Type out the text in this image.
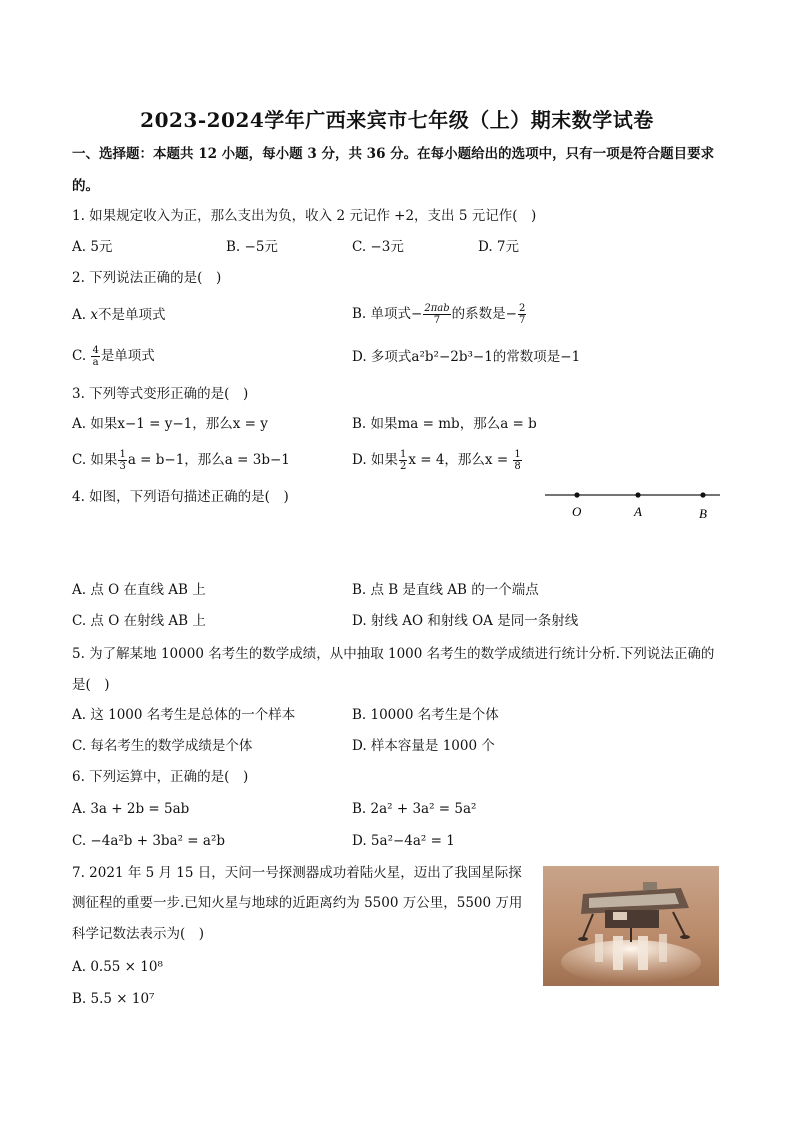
2023-2024学年广西来宾市七年级（上）期末数学试卷
一、选择题：本题共 12 小题，每小题 3 分，共 36 分。在每小题给出的选项中，只有一项是符合题目要求
的。
1. 如果规定收入为正，那么支出为负，收入 2 元记作 +2，支出 5 元记作(　)
A. 5元	B. −5元	C. −3元	D. 7元
2. 下列说法正确的是(　)
A. x不是单项式	B. 单项式− $\frac{\text{2πab}}{7}$ 的系数是− $\frac{2}{7}$
C. $\frac{4}{a}$ 是单项式	D. 多项式a²b²−2b³−1的常数项是−1
3. 下列等式变形正确的是(　)
A. 如果x−1 = y−1，那么x = y	B. 如果ma = mb，那么a = b
C. 如果 $\frac{1}{3}$ a = b−1，那么a = 3b−1	D. 如果 $\frac{1}{2}$ x = 4，那么$x = \frac{1}{8}$
4. 如图，下列语句描述正确的是(　)
O	A	B
A. 点 O 在直线 AB 上	B. 点 B 是直线 AB 的一个端点
C. 点 O 在射线 AB 上	D. 射线 AO 和射线 OA 是同一条射线
5. 为了解某地 10000 名考生的数学成绩，从中抽取 1000 名考生的数学成绩进行统计分析.下列说法正确的
是(　)
A. 这 1000 名考生是总体的一个样本	B. 10000 名考生是个体
C. 每名考生的数学成绩是个体	D. 样本容量是 1000 个
6. 下列运算中，正确的是(　)
A. 3a + 2b = 5ab	B. 2a² + 3a² = 5a²
C. −4a²b + 3ba² = a²b	D. 5a²−4a² = 1
7. 2021 年 5 月 15 日，天问一号探测器成功着陆火星，迈出了我国星际探
测征程的重要一步.已知火星与地球的近距离约为 5500 万公里，5500 万用
科学记数法表示为(　)
A. 0.55 × 10⁸
B. 5.5 × 10⁷
